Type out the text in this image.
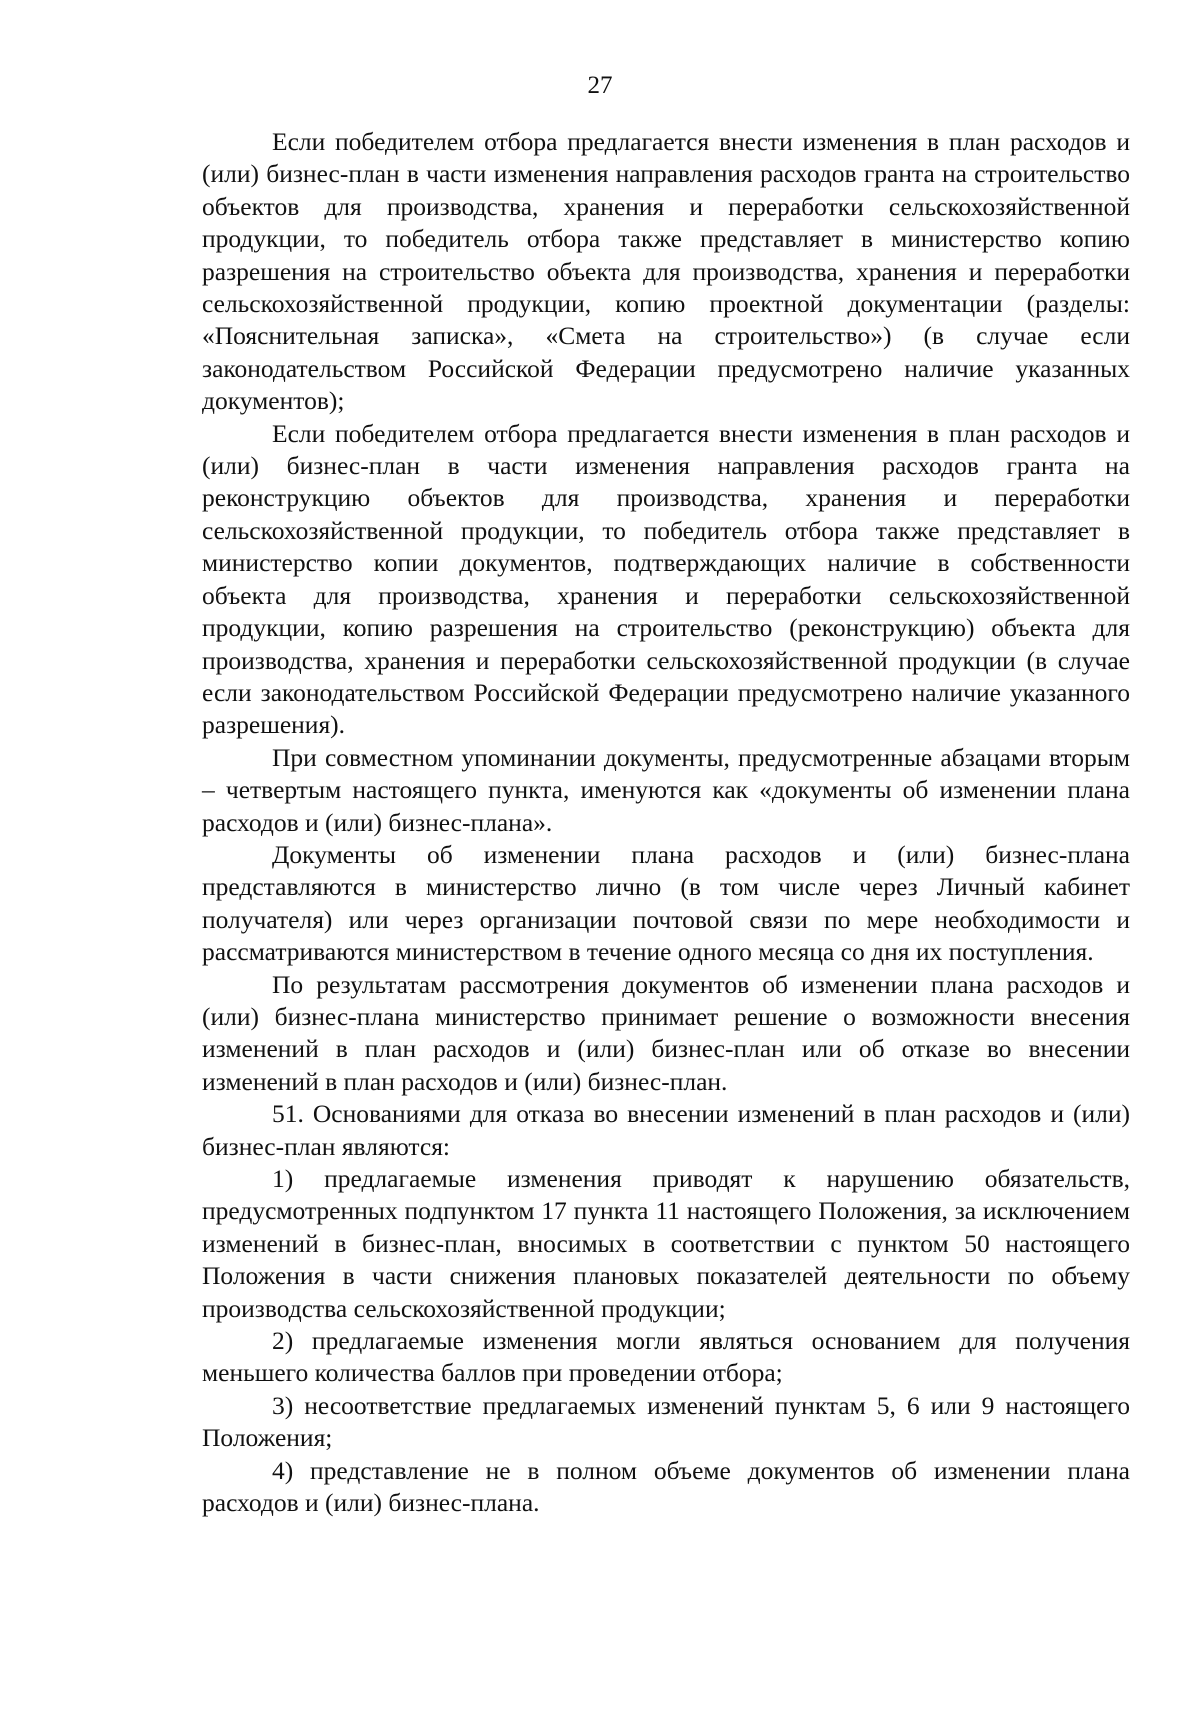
27

Если победителем отбора предлагается внести изменения в план расходов и (или) бизнес-план в части изменения направления расходов гранта на строительство объектов для производства, хранения и переработки сельскохозяйственной продукции, то победитель отбора также представляет в министерство копию разрешения на строительство объекта для производства, хранения и переработки сельскохозяйственной продукции, копию проектной документации (разделы: «Пояснительная записка», «Смета на строительство») (в случае если законодательством Российской Федерации предусмотрено наличие указанных документов);

Если победителем отбора предлагается внести изменения в план расходов и (или) бизнес-план в части изменения направления расходов гранта на реконструкцию объектов для производства, хранения и переработки сельскохозяйственной продукции, то победитель отбора также представляет в министерство копии документов, подтверждающих наличие в собственности объекта для производства, хранения и переработки сельскохозяйственной продукции, копию разрешения на строительство (реконструкцию) объекта для производства, хранения и переработки сельскохозяйственной продукции (в случае если законодательством Российской Федерации предусмотрено наличие указанного разрешения).

При совместном упоминании документы, предусмотренные абзацами вторым – четвертым настоящего пункта, именуются как «документы об изменении плана расходов и (или) бизнес-плана».

Документы об изменении плана расходов и (или) бизнес-плана представляются в министерство лично (в том числе через Личный кабинет получателя) или через организации почтовой связи по мере необходимости и рассматриваются министерством в течение одного месяца со дня их поступления.

По результатам рассмотрения документов об изменении плана расходов и (или) бизнес-плана министерство принимает решение о возможности внесения изменений в план расходов и (или) бизнес-план или об отказе во внесении изменений в план расходов и (или) бизнес-план.

51. Основаниями для отказа во внесении изменений в план расходов и (или) бизнес-план являются:

1) предлагаемые изменения приводят к нарушению обязательств, предусмотренных подпунктом 17 пункта 11 настоящего Положения, за исключением изменений в бизнес-план, вносимых в соответствии с пунктом 50 настоящего Положения в части снижения плановых показателей деятельности по объему производства сельскохозяйственной продукции;

2) предлагаемые изменения могли являться основанием для получения меньшего количества баллов при проведении отбора;

3) несоответствие предлагаемых изменений пунктам 5, 6 или 9 настоящего Положения;

4) представление не в полном объеме документов об изменении плана расходов и (или) бизнес-плана.
